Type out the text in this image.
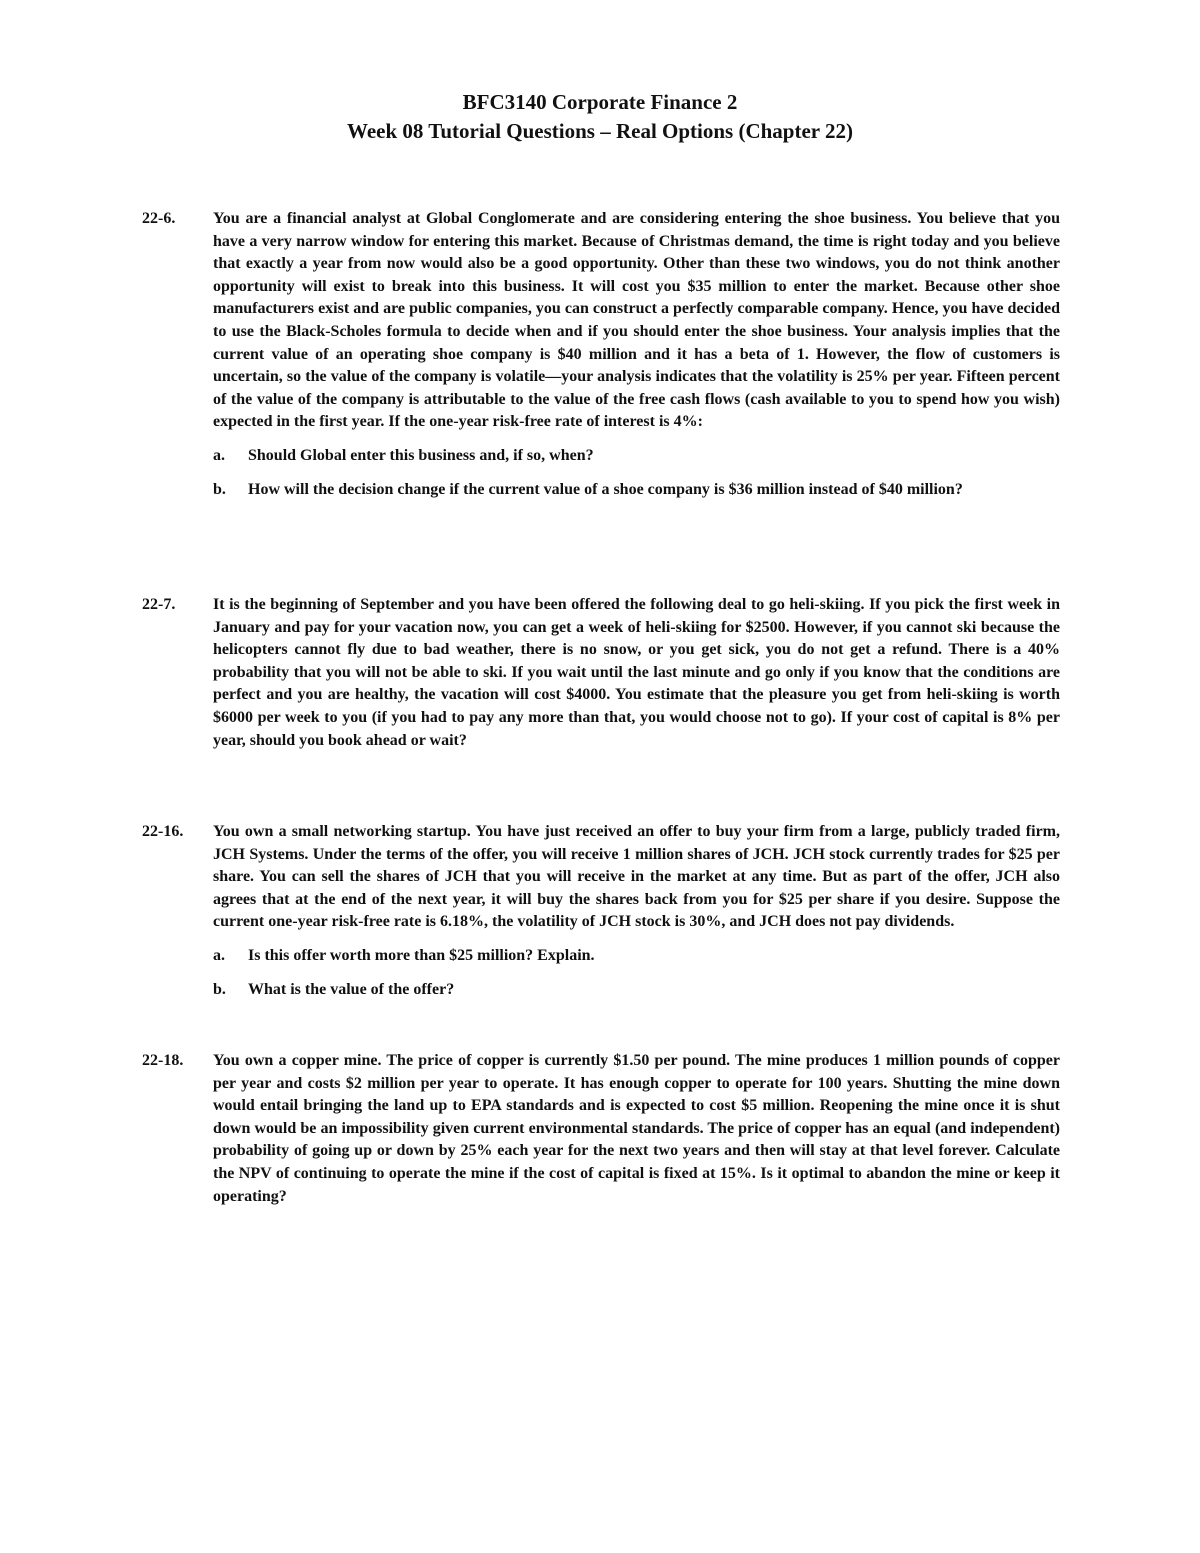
BFC3140 Corporate Finance 2
Week 08 Tutorial Questions – Real Options (Chapter 22)
22-6.	You are a financial analyst at Global Conglomerate and are considering entering the shoe business. You believe that you have a very narrow window for entering this market. Because of Christmas demand, the time is right today and you believe that exactly a year from now would also be a good opportunity. Other than these two windows, you do not think another opportunity will exist to break into this business. It will cost you $35 million to enter the market. Because other shoe manufacturers exist and are public companies, you can construct a perfectly comparable company. Hence, you have decided to use the Black-Scholes formula to decide when and if you should enter the shoe business. Your analysis implies that the current value of an operating shoe company is $40 million and it has a beta of 1. However, the flow of customers is uncertain, so the value of the company is volatile—your analysis indicates that the volatility is 25% per year. Fifteen percent of the value of the company is attributable to the value of the free cash flows (cash available to you to spend how you wish) expected in the first year. If the one-year risk-free rate of interest is 4%:
a.	Should Global enter this business and, if so, when?
b.	How will the decision change if the current value of a shoe company is $36 million instead of $40 million?
22-7.	It is the beginning of September and you have been offered the following deal to go heli-skiing. If you pick the first week in January and pay for your vacation now, you can get a week of heli-skiing for $2500. However, if you cannot ski because the helicopters cannot fly due to bad weather, there is no snow, or you get sick, you do not get a refund. There is a 40% probability that you will not be able to ski. If you wait until the last minute and go only if you know that the conditions are perfect and you are healthy, the vacation will cost $4000. You estimate that the pleasure you get from heli-skiing is worth $6000 per week to you (if you had to pay any more than that, you would choose not to go). If your cost of capital is 8% per year, should you book ahead or wait?
22-16.	You own a small networking startup. You have just received an offer to buy your firm from a large, publicly traded firm, JCH Systems. Under the terms of the offer, you will receive 1 million shares of JCH. JCH stock currently trades for $25 per share. You can sell the shares of JCH that you will receive in the market at any time. But as part of the offer, JCH also agrees that at the end of the next year, it will buy the shares back from you for $25 per share if you desire. Suppose the current one-year risk-free rate is 6.18%, the volatility of JCH stock is 30%, and JCH does not pay dividends.
a.	Is this offer worth more than $25 million? Explain.
b.	What is the value of the offer?
22-18.	You own a copper mine. The price of copper is currently $1.50 per pound. The mine produces 1 million pounds of copper per year and costs $2 million per year to operate. It has enough copper to operate for 100 years. Shutting the mine down would entail bringing the land up to EPA standards and is expected to cost $5 million. Reopening the mine once it is shut down would be an impossibility given current environmental standards. The price of copper has an equal (and independent) probability of going up or down by 25% each year for the next two years and then will stay at that level forever. Calculate the NPV of continuing to operate the mine if the cost of capital is fixed at 15%. Is it optimal to abandon the mine or keep it operating?
